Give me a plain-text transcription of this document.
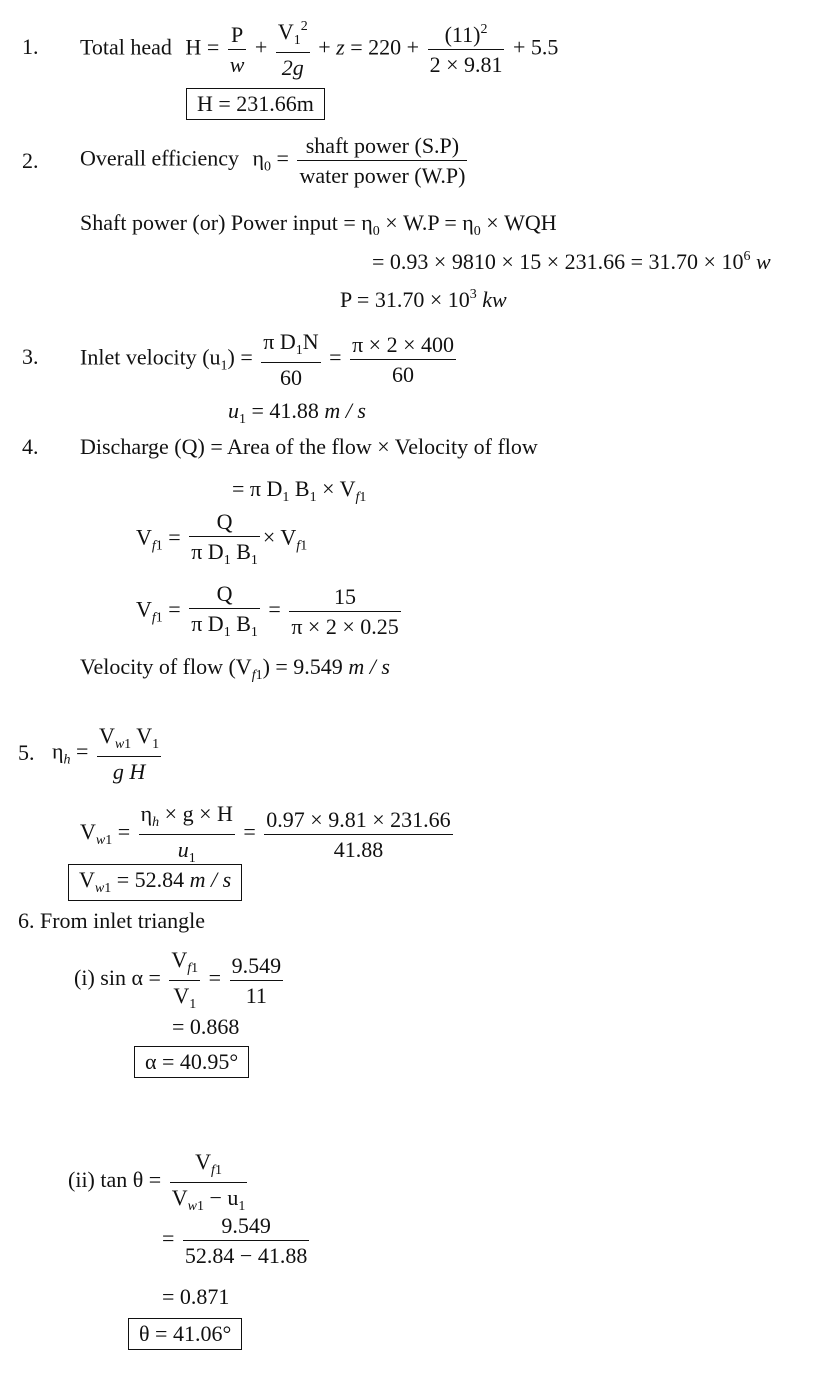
1. Total head $H = \frac{P}{w} + \frac{V_1^2}{2g} + z = 220 + \frac{(11)^2}{2 \times 9.81} + 5.5$
H = 231.66m
2. Overall efficiency $\eta_0 = \frac{\text{shaft power (S.P)}}{\text{water power (W.P)}}$
Shaft power (or) Power input = $\eta_0 \times W.P = \eta_0$ × WQH
= $0.93 \times 9810 \times 15 \times 231.66 = 31.70 \times 10^6$ w
$P = 31.70 \times 10^3$ kw
3. Inlet velocity $(u_1) = \frac{\pi D_1N}{60} = \frac{\pi \times 2 \times 400}{60}$
$u_1 = 41.88$ m / s
4. Discharge (Q) = Area of the flow × Velocity of flow
= π $D_1$ $B_1 \times V_{f1}$
$V_{f1} = \frac{Q}{\pi D_1 B_1} \times V_{f1}$
$V_{f1} = \frac{Q}{\pi D_1 B_1} = \frac{15}{\pi \times 2 \times 0.25}$
Velocity of flow $(V_{f1}) = 9.549$ m / s
5. $\eta_h = \frac{V_{w1} V_1}{\text{g H}}$
$V_{w1} = \frac{\eta_h \times g \times H}{u_1} = \frac{0.97 \times 9.81 \times 231.66}{41.88}$
$V_{w1} = 52.84$ m / s
6. From inlet triangle
(i) $\sin \alpha = \frac{V_{f1}}{V_1} = \frac{9.549}{11}$
= 0.868
α = 40.95°
(ii) $\tan \theta = \frac{V_{f1}}{V_{w1} - u_1}$
= $\frac{9.549}{52.84 - 41.88}$
= 0.871
θ = 41.06°
